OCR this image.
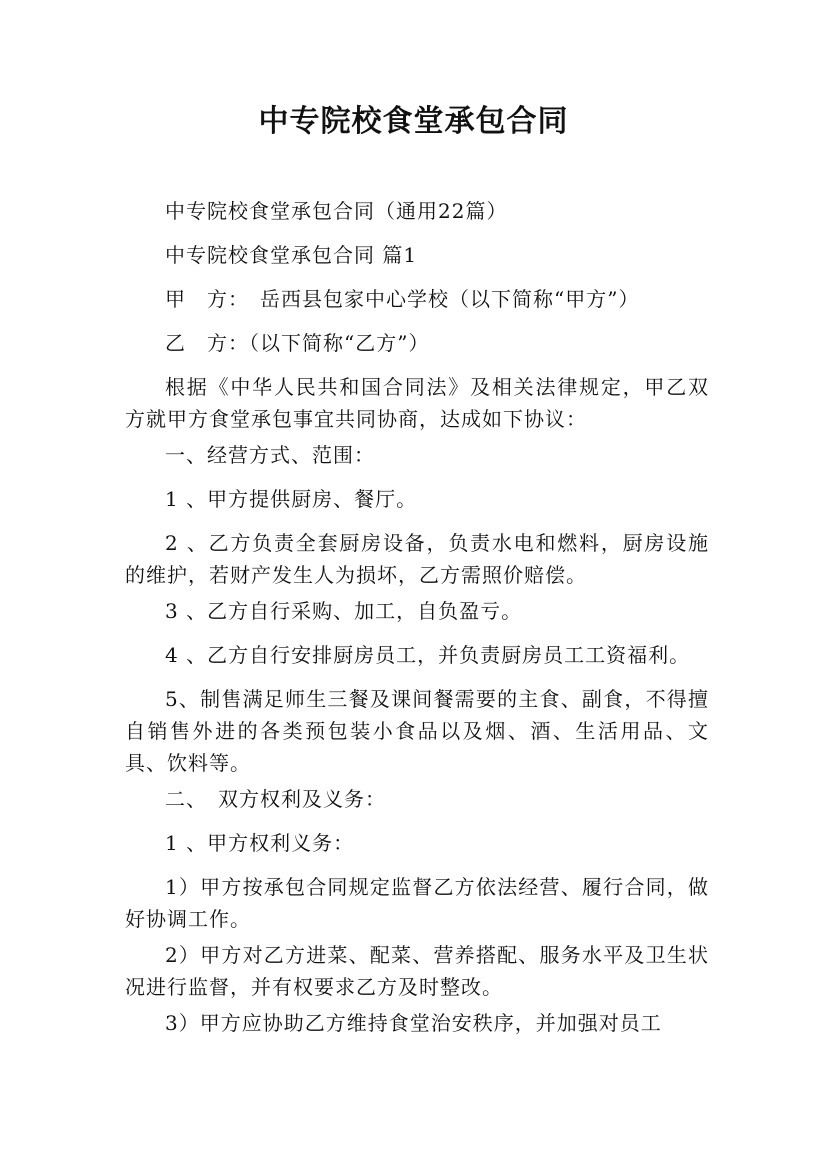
中专院校食堂承包合同

中专院校食堂承包合同（通用22篇）

中专院校食堂承包合同 篇1

甲　方：　岳西县包家中心学校（以下简称“甲方”）

乙　方：（以下简称“乙方”）

根据《中华人民共和国合同法》及相关法律规定，甲乙双方就甲方食堂承包事宜共同协商，达成如下协议：

一、经营方式、范围：

1 、甲方提供厨房、餐厅。

2 、乙方负责全套厨房设备，负责水电和燃料，厨房设施的维护，若财产发生人为损坏，乙方需照价赔偿。

3 、乙方自行采购、加工，自负盈亏。

4 、乙方自行安排厨房员工，并负责厨房员工工资福利。

5、制售满足师生三餐及课间餐需要的主食、副食，不得擅自销售外进的各类预包装小食品以及烟、酒、生活用品、文具、饮料等。

二、　双方权利及义务：

1 、甲方权利义务：

1）甲方按承包合同规定监督乙方依法经营、履行合同，做好协调工作。

2）甲方对乙方进菜、配菜、营养搭配、服务水平及卫生状况进行监督，并有权要求乙方及时整改。

3）甲方应协助乙方维持食堂治安秩序，并加强对员工
